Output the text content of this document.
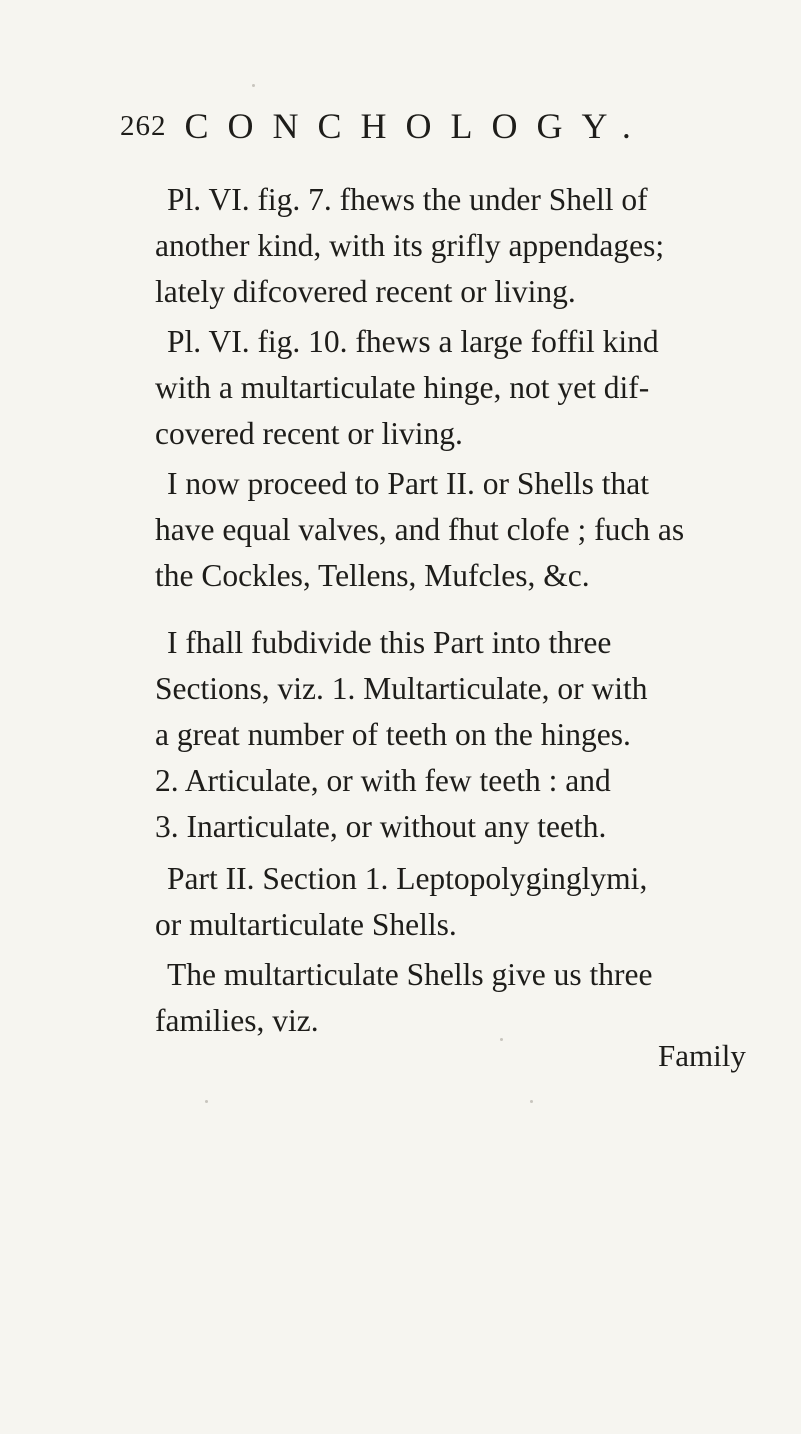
262 CONCHOLOGY.

Pl. VI. fig. 7. fhews the under Shell of
another kind, with its grifly appendages;
lately difcovered recent or living.

Pl. VI. fig. 10. fhews a large foffil kind
with a multarticulate hinge, not yet dif-
covered recent or living.

I now proceed to Part II. or Shells that
have equal valves, and fhut clofe ; fuch as
the Cockles, Tellens, Mufcles, &c.

I fhall fubdivide this Part into three
Sections, viz. 1. Multarticulate, or with
a great number of teeth on the hinges.
2. Articulate, or with few teeth : and
3. Inarticulate, or without any teeth.

Part II. Section 1. Leptopolyginglymi,
or multarticulate Shells.

The multarticulate Shells give us three
families, viz.

Family
